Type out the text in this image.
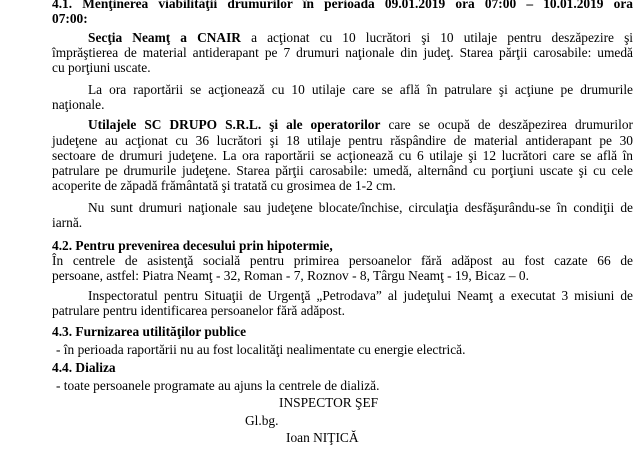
4.1. Menţinerea viabilităţii drumurilor în perioada 09.01.2019 ora 07:00 – 10.01.2019 ora
07:00:
Secţia Neamţ a CNAIR a acţionat cu 10 lucrători şi 10 utilaje pentru deszăpezire şi
împrăştierea de material antiderapant pe 7 drumuri naţionale din judeţ. Starea părţii carosabile: umedă
cu porţiuni uscate.
La ora raportării se acţionează cu 10 utilaje care se află în patrulare şi acţiune pe drumurile
naţionale.
Utilajele SC DRUPO S.R.L. şi ale operatorilor care se ocupă de deszăpezirea drumurilor
judeţene au acţionat cu 36 lucrători şi 18 utilaje pentru răspândire de material antiderapant pe 30
sectoare de drumuri judeţene. La ora raportării se acţionează cu 6 utilaje şi 12 lucrători care se află în
patrulare pe drumurile judeţene. Starea părţii carosabile: umedă, alternând cu porţiuni uscate şi cu cele
acoperite de zăpadă frământată şi tratată cu grosimea de 1-2 cm.
Nu sunt drumuri naţionale sau judeţene blocate/închise, circulaţia desfăşurându-se în condiţii de
iarnă.
4.2. Pentru prevenirea decesului prin hipotermie,
În centrele de asistenţă socială pentru primirea persoanelor fără adăpost au fost cazate 66 de
persoane, astfel: Piatra Neamţ - 32, Roman - 7, Roznov - 8, Târgu Neamţ - 19, Bicaz – 0.
Inspectoratul pentru Situaţii de Urgenţă „Petrodava” al judeţului Neamţ a executat 3 misiuni de
patrulare pentru identificarea persoanelor fără adăpost.
4.3. Furnizarea utilităţilor publice
- în perioada raportării nu au fost localităţi nealimentate cu energie electrică.
4.4. Dializa
- toate persoanele programate au ajuns la centrele de dializă.
INSPECTOR ŞEF
Gl.bg.
Ioan NIŢICĂ
